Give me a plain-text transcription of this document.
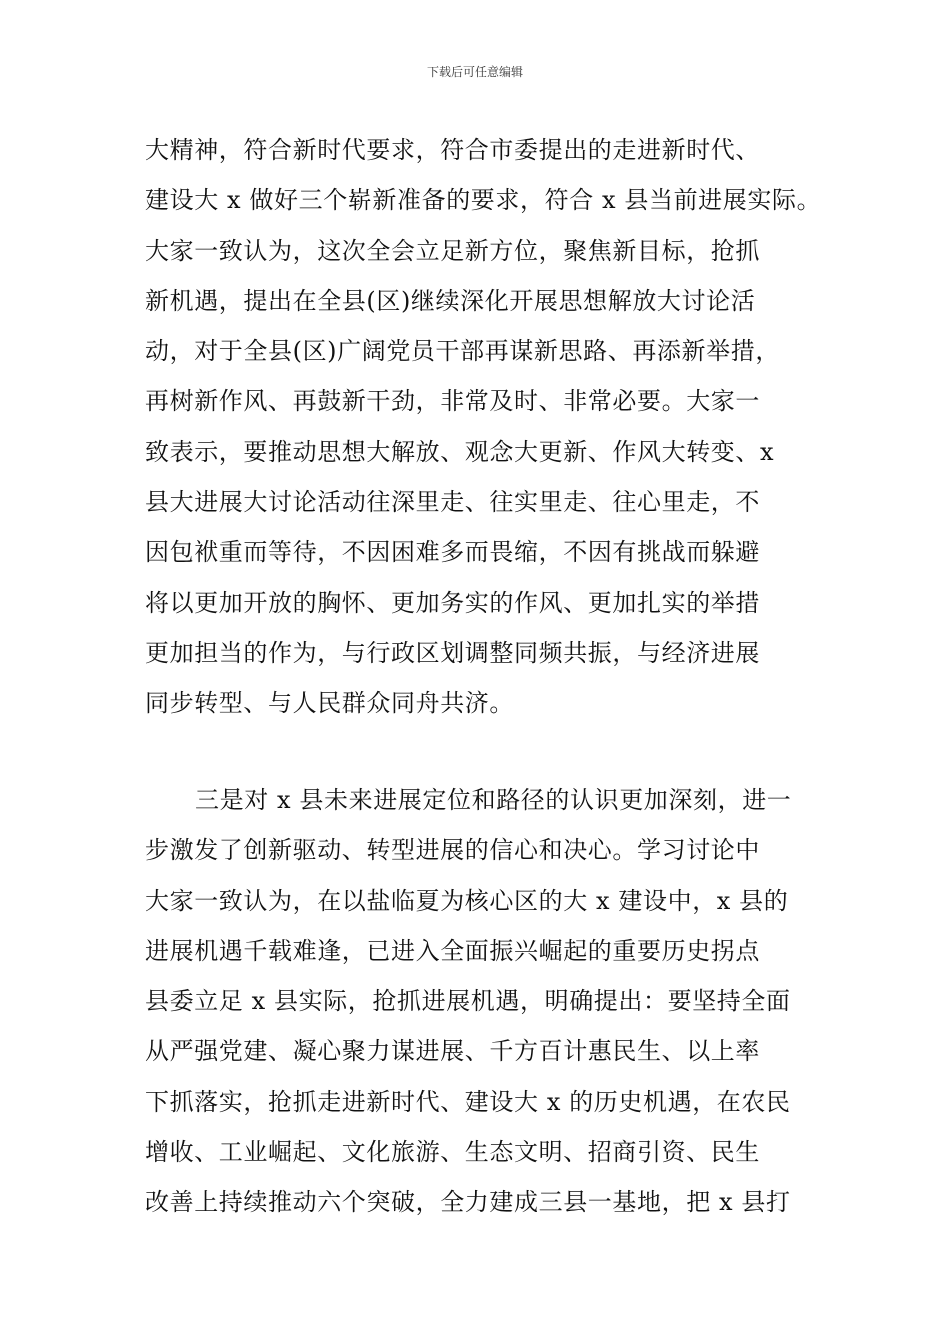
下载后可任意编辑
大精神，符合新时代要求，符合市委提出的走进新时代、
建设大 x 做好三个崭新准备的要求，符合 x 县当前进展实际。
大家一致认为，这次全会立足新方位，聚焦新目标，抢抓
新机遇，提出在全县(区)继续深化开展思想解放大讨论活
动，对于全县(区)广阔党员干部再谋新思路、再添新举措，
再树新作风、再鼓新干劲，非常及时、非常必要。大家一
致表示，要推动思想大解放、观念大更新、作风大转变、x
县大进展大讨论活动往深里走、往实里走、往心里走，不
因包袱重而等待，不因困难多而畏缩，不因有挑战而躲避
将以更加开放的胸怀、更加务实的作风、更加扎实的举措
更加担当的作为，与行政区划调整同频共振，与经济进展
同步转型、与人民群众同舟共济。
三是对 x 县未来进展定位和路径的认识更加深刻，进一
步激发了创新驱动、转型进展的信心和决心。学习讨论中
大家一致认为，在以盐临夏为核心区的大 x 建设中，x 县的
进展机遇千载难逢，已进入全面振兴崛起的重要历史拐点
县委立足 x 县实际，抢抓进展机遇，明确提出：要坚持全面
从严强党建、凝心聚力谋进展、千方百计惠民生、以上率
下抓落实，抢抓走进新时代、建设大 x 的历史机遇，在农民
增收、工业崛起、文化旅游、生态文明、招商引资、民生
改善上持续推动六个突破，全力建成三县一基地，把 x 县打
